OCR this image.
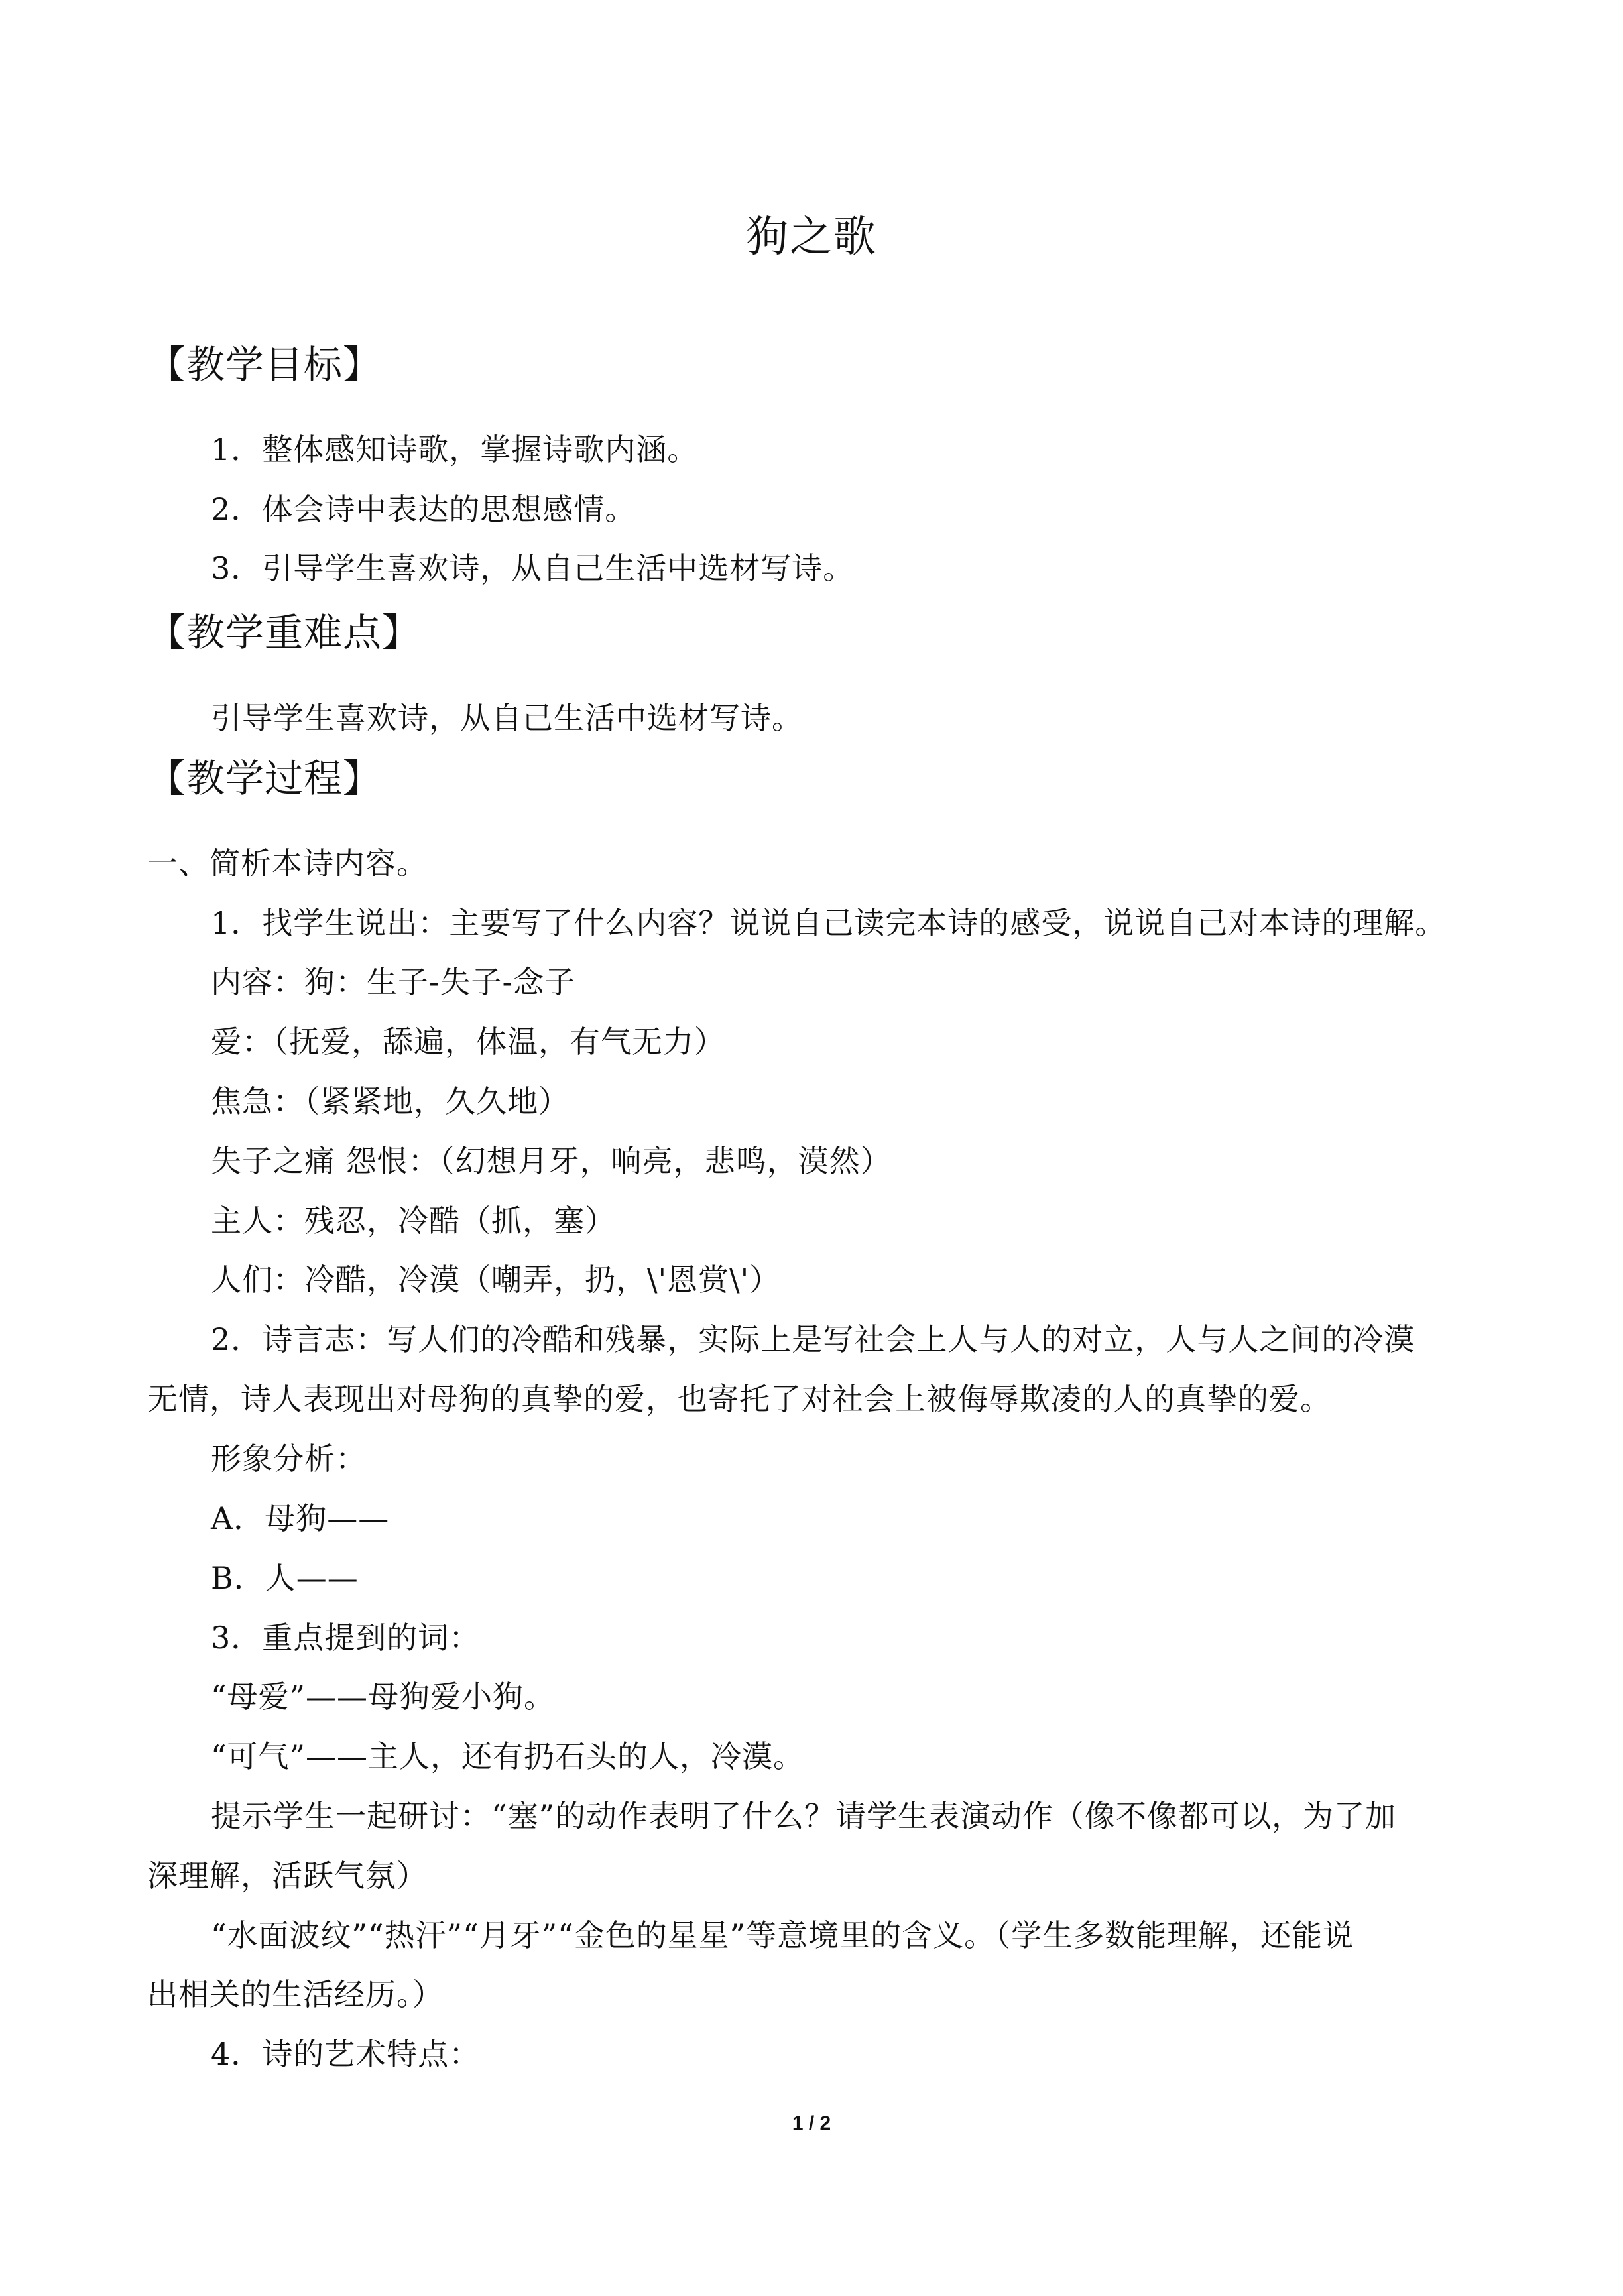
狗之歌
【教学目标】
1．整体感知诗歌，掌握诗歌内涵。
2．体会诗中表达的思想感情。
3．引导学生喜欢诗，从自己生活中选材写诗。
【教学重难点】
引导学生喜欢诗，从自己生活中选材写诗。
【教学过程】
一、简析本诗内容。
1．找学生说出：主要写了什么内容？说说自己读完本诗的感受，说说自己对本诗的理解。
内容：狗：生子-失子-念子
爱：（抚爱，舔遍，体温，有气无力）
焦急：（紧紧地，久久地）
失子之痛 怨恨：（幻想月牙，响亮，悲鸣，漠然）
主人：残忍，冷酷（抓，塞）
人们：冷酷，冷漠（嘲弄，扔，\'恩赏\'）
2．诗言志：写人们的冷酷和残暴，实际上是写社会上人与人的对立，人与人之间的冷漠
无情，诗人表现出对母狗的真挚的爱，也寄托了对社会上被侮辱欺凌的人的真挚的爱。
形象分析：
A．母狗——
B．人——
3．重点提到的词：
“母爱”——母狗爱小狗。
“可气”——主人，还有扔石头的人，冷漠。
提示学生一起研讨：“塞”的动作表明了什么？请学生表演动作（像不像都可以，为了加
深理解，活跃气氛）
“水面波纹”“热汗”“月牙”“金色的星星”等意境里的含义。（学生多数能理解，还能说
出相关的生活经历。）
4．诗的艺术特点：
1 / 2
